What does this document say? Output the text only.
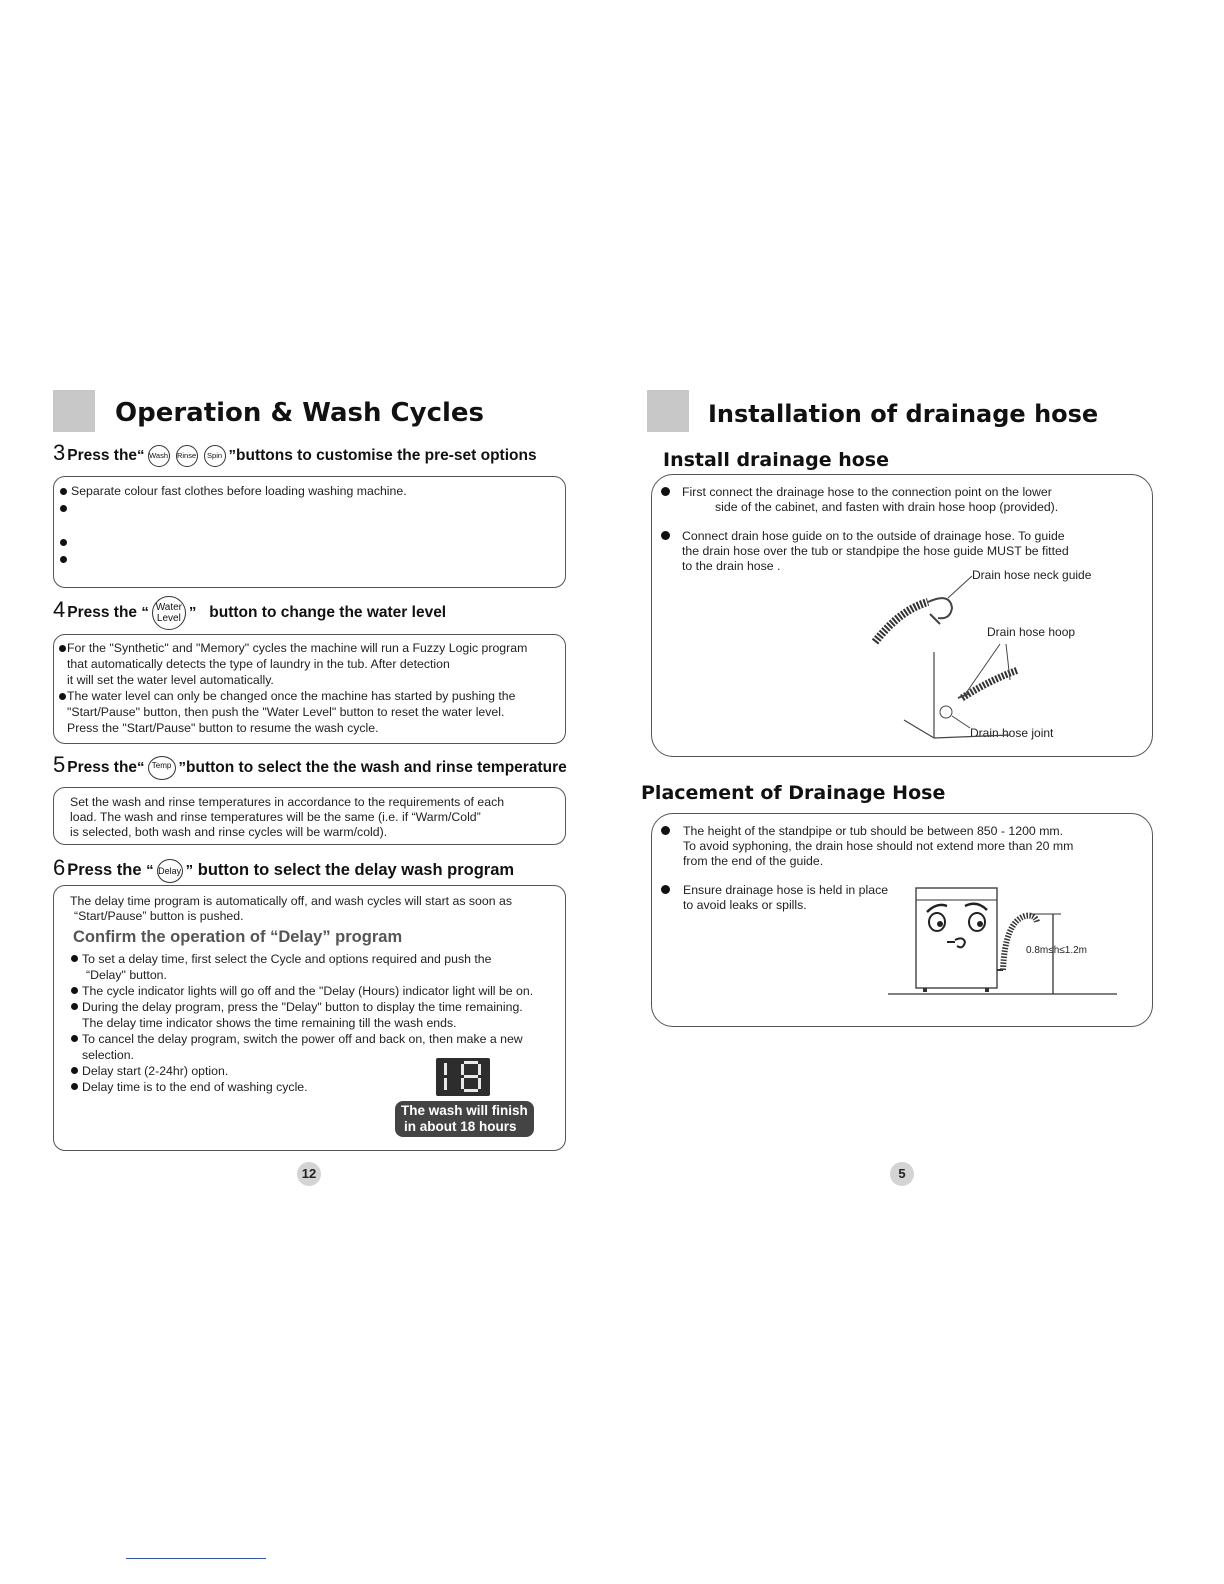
Operation & Wash Cycles
3 Press the“ Wash Rinse Spin ”buttons to customise the pre-set options
Separate colour fast clothes before loading washing machine.
4 Press the “ Water
Level ” button to change the water level
For the "Synthetic" and "Memory" cycles the machine will run a Fuzzy Logic program
that automatically detects the type of laundry in the tub. After detection
it will set the water level automatically.
The water level can only be changed once the machine has started by pushing the
"Start/Pause" button, then push the "Water Level" button to reset the water level.
Press the "Start/Pause" button to resume the wash cycle.
5 Press the“ Temp ”button to select the the wash and rinse temperature
Set the wash and rinse temperatures in accordance to the requirements of each
load. The wash and rinse temperatures will be the same (i.e. if “Warm/Cold”
is selected, both wash and rinse cycles will be warm/cold).
6 Press the “ Delay ” button to select the delay wash program
The delay time program is automatically off, and wash cycles will start as soon as
“Start/Pause” button is pushed.
Confirm the operation of “Delay” program
To set a delay time, first select the Cycle and options required and push the
“Delay" button.
The cycle indicator lights will go off and the "Delay (Hours) indicator light will be on.
During the delay program, press the "Delay" button to display the time remaining.
The delay time indicator shows the time remaining till the wash ends.
To cancel the delay program, switch the power off and back on, then make a new
selection.
Delay start (2-24hr) option.
Delay time is to the end of washing cycle.
The wash will finish
in about 18 hours
12
Installation of drainage hose
Install drainage hose
First connect the drainage hose to the connection point on the lower
side of the cabinet, and fasten with drain hose hoop (provided).
Connect drain hose guide on to the outside of drainage hose. To guide
the drain hose over the tub or standpipe the hose guide MUST be fitted
to the drain hose .
Drain hose neck guide
Drain hose hoop
Drain hose joint
Placement of Drainage Hose
The height of the standpipe or tub should be between 850 - 1200 mm.
To avoid syphoning, the drain hose should not extend more than 20 mm
from the end of the guide.
Ensure drainage hose is held in place
to avoid leaks or spills.
0.8m≤h≤1.2m
5
